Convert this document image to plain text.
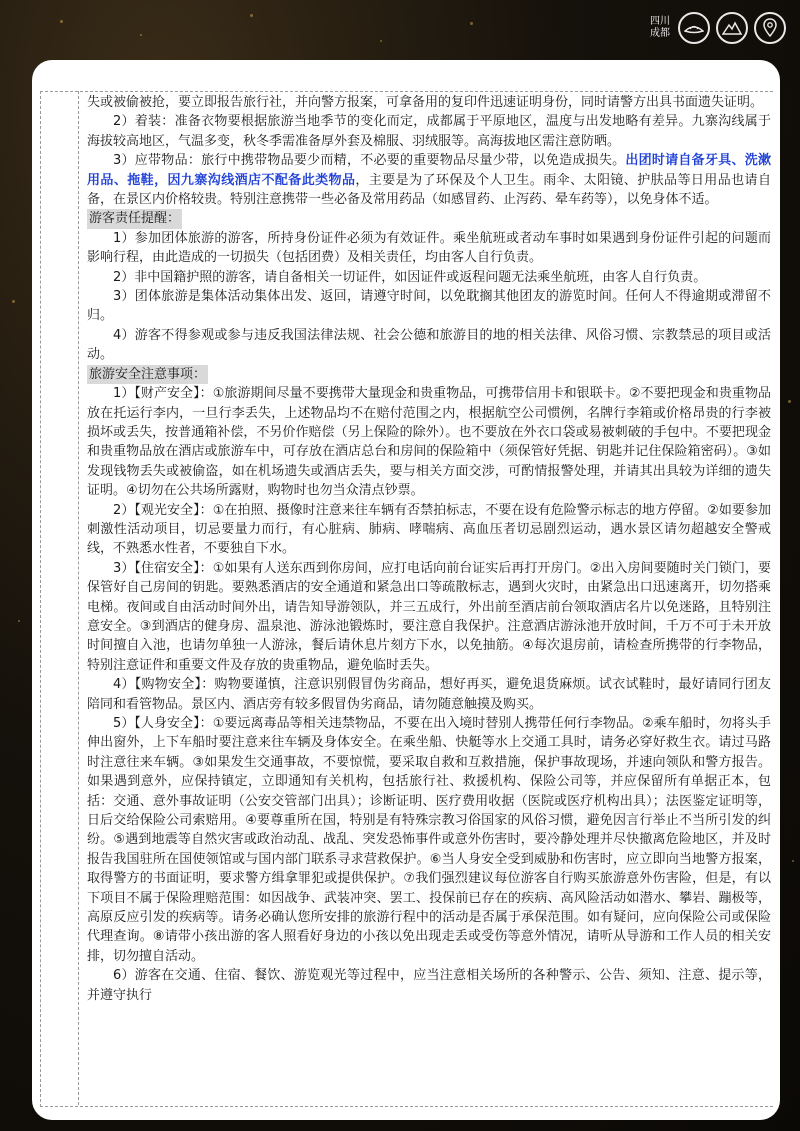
四川
成都

失或被偷被抢，要立即报告旅行社，并向警方报案，可拿备用的复印件迅速证明身份，同时请警方出具书面遗失证明。

2）着装：准备衣物要根据旅游当地季节的变化而定，成都属于平原地区，温度与出发地略有差异。九寨沟线属于海拔较高地区，气温多变，秋冬季需准备厚外套及棉服、羽绒服等。高海拔地区需注意防晒。

3）应带物品：旅行中携带物品要少而精，不必要的重要物品尽量少带，以免造成损失。出团时请自备牙具、洗漱用品、拖鞋，因九寨沟线酒店不配备此类物品，主要是为了环保及个人卫生。雨伞、太阳镜、护肤品等日用品也请自备，在景区内价格较贵。特别注意携带一些必备及常用药品（如感冒药、止泻药、晕车药等），以免身体不适。

游客责任提醒：

1）参加团体旅游的游客，所持身份证件必须为有效证件。乘坐航班或者动车事时如果遇到身份证件引起的问题而影响行程，由此造成的一切损失（包括团费）及相关责任，均由客人自行负责。

2）非中国籍护照的游客，请自备相关一切证件，如因证件或返程问题无法乘坐航班，由客人自行负责。

3）团体旅游是集体活动集体出发、返回，请遵守时间，以免耽搁其他团友的游览时间。任何人不得逾期或滞留不归。

4）游客不得参观或参与违反我国法律法规、社会公德和旅游目的地的相关法律、风俗习惯、宗教禁忌的项目或活动。

旅游安全注意事项：

1）【财产安全】：①旅游期间尽量不要携带大量现金和贵重物品，可携带信用卡和银联卡。②不要把现金和贵重物品放在托运行李内，一旦行李丢失，上述物品均不在赔付范围之内，根据航空公司惯例，名牌行李箱或价格昂贵的行李被损坏或丢失，按普通箱补偿，不另价作赔偿（另上保险的除外）。也不要放在外衣口袋或易被刺破的手包中。不要把现金和贵重物品放在酒店或旅游车中，可存放在酒店总台和房间的保险箱中（须保管好凭据、钥匙并记住保险箱密码）。③如发现钱物丢失或被偷盗，如在机场遗失或酒店丢失，要与相关方面交涉，可酌情报警处理，并请其出具较为详细的遗失证明。④切勿在公共场所露财，购物时也勿当众清点钞票。

2）【观光安全】：①在拍照、摄像时注意来往车辆有否禁拍标志，不要在设有危险警示标志的地方停留。②如要参加刺激性活动项目，切忌要量力而行，有心脏病、肺病、哮喘病、高血压者切忌剧烈运动，遇水景区请勿超越安全警戒线，不熟悉水性者，不要独自下水。

3）【住宿安全】：①如果有人送东西到你房间，应打电话向前台证实后再打开房门。②出入房间要随时关门锁门，要保管好自己房间的钥匙。要熟悉酒店的安全通道和紧急出口等疏散标志，遇到火灾时，由紧急出口迅速离开，切勿搭乘电梯。夜间或自由活动时间外出，请告知导游领队，并三五成行，外出前至酒店前台领取酒店名片以免迷路，且特别注意安全。③到酒店的健身房、温泉池、游泳池锻炼时，要注意自我保护。注意酒店游泳池开放时间，千万不可于未开放时间擅自入池，也请勿单独一人游泳，餐后请休息片刻方下水，以免抽筋。④每次退房前，请检查所携带的行李物品，特别注意证件和重要文件及存放的贵重物品，避免临时丢失。

4）【购物安全】：购物要谨慎，注意识别假冒伪劣商品，想好再买，避免退货麻烦。试衣试鞋时，最好请同行团友陪同和看管物品。景区内、酒店旁有较多假冒伪劣商品，请勿随意触摸及购买。

5）【人身安全】：①要远离毒品等相关违禁物品，不要在出入境时替别人携带任何行李物品。②乘车船时，勿将头手伸出窗外，上下车船时要注意来往车辆及身体安全。在乘坐船、快艇等水上交通工具时，请务必穿好救生衣。请过马路时注意往来车辆。③如果发生交通事故，不要惊慌，要采取自救和互救措施，保护事故现场，并速向领队和警方报告。如果遇到意外，应保持镇定，立即通知有关机构，包括旅行社、救援机构、保险公司等，并应保留所有单据正本，包括：交通、意外事故证明（公安交管部门出具）；诊断证明、医疗费用收据（医院或医疗机构出具）；法医鉴定证明等，日后交给保险公司索赔用。④要尊重所在国，特别是有特殊宗教习俗国家的风俗习惯，避免因言行举止不当所引发的纠纷。⑤遇到地震等自然灾害或政治动乱、战乱、突发恐怖事件或意外伤害时，要冷静处理并尽快撤离危险地区，并及时报告我国驻所在国使领馆或与国内部门联系寻求营救保护。⑥当人身安全受到威胁和伤害时，应立即向当地警方报案，取得警方的书面证明，要求警方缉拿罪犯或提供保护。⑦我们强烈建议每位游客自行购买旅游意外伤害险，但是，有以下项目不属于保险理赔范围：如因战争、武装冲突、罢工、投保前已存在的疾病、高风险活动如潜水、攀岩、蹦极等，高原反应引发的疾病等。请务必确认您所安排的旅游行程中的活动是否属于承保范围。如有疑问，应向保险公司或保险代理查询。⑧请带小孩出游的客人照看好身边的小孩以免出现走丢或受伤等意外情况，请听从导游和工作人员的相关安排，切勿擅自活动。

6）游客在交通、住宿、餐饮、游览观光等过程中，应当注意相关场所的各种警示、公告、须知、注意、提示等，并遵守执行
